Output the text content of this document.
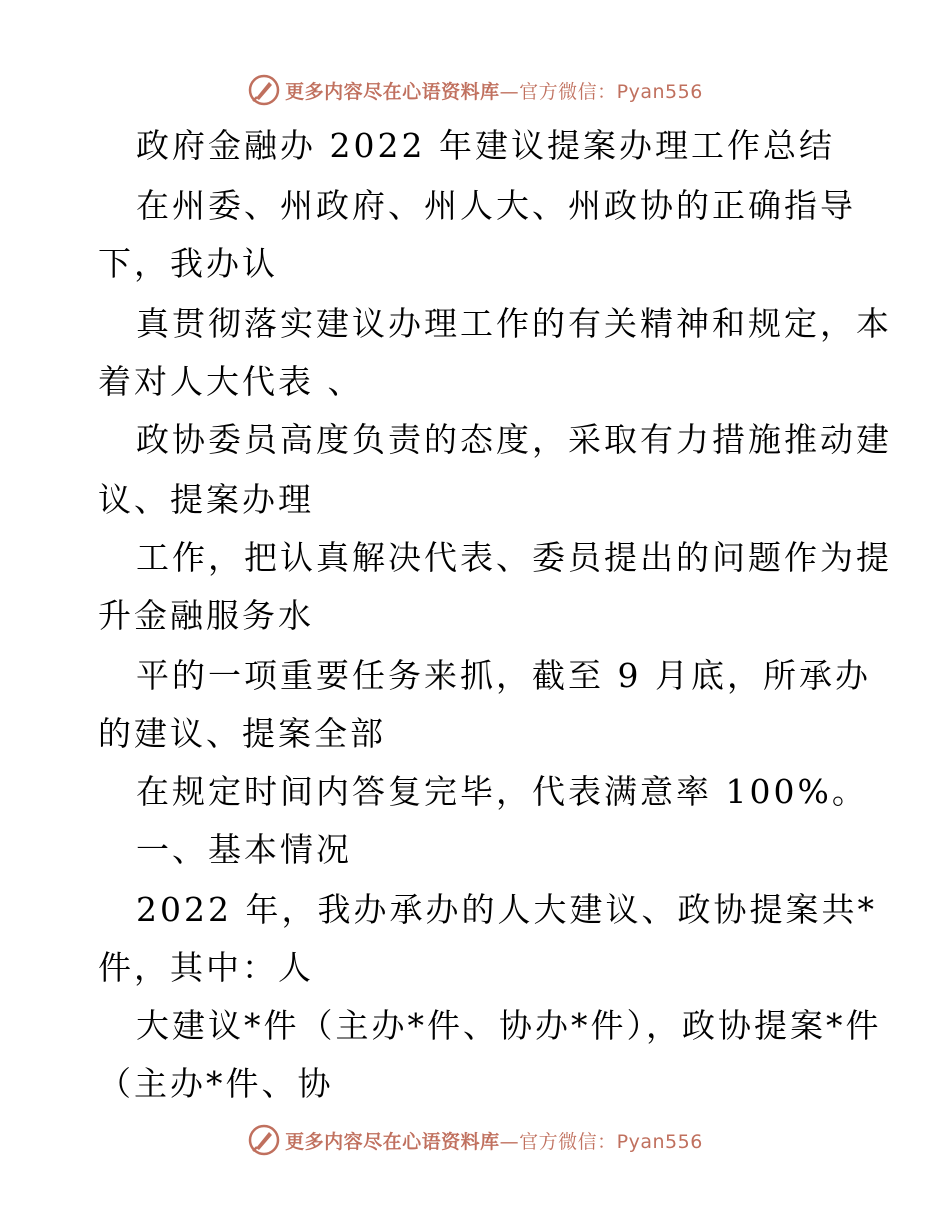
更多内容尽在心语资料库—官方微信：Pyan556
政府金融办 2022 年建议提案办理工作总结
在州委、州政府、州人大、州政协的正确指导
下，我办认
真贯彻落实建议办理工作的有关精神和规定，本
着对人大代表 、
政协委员高度负责的态度，采取有力措施推动建
议、提案办理
工作，把认真解决代表、委员提出的问题作为提
升金融服务水
平的一项重要任务来抓，截至 9 月底，所承办
的建议、提案全部
在规定时间内答复完毕，代表满意率 100%。
一、基本情况
2022 年，我办承办的人大建议、政协提案共*
件，其中：人
大建议*件（主办*件、协办*件），政协提案*件
（主办*件、协
更多内容尽在心语资料库—官方微信：Pyan556
